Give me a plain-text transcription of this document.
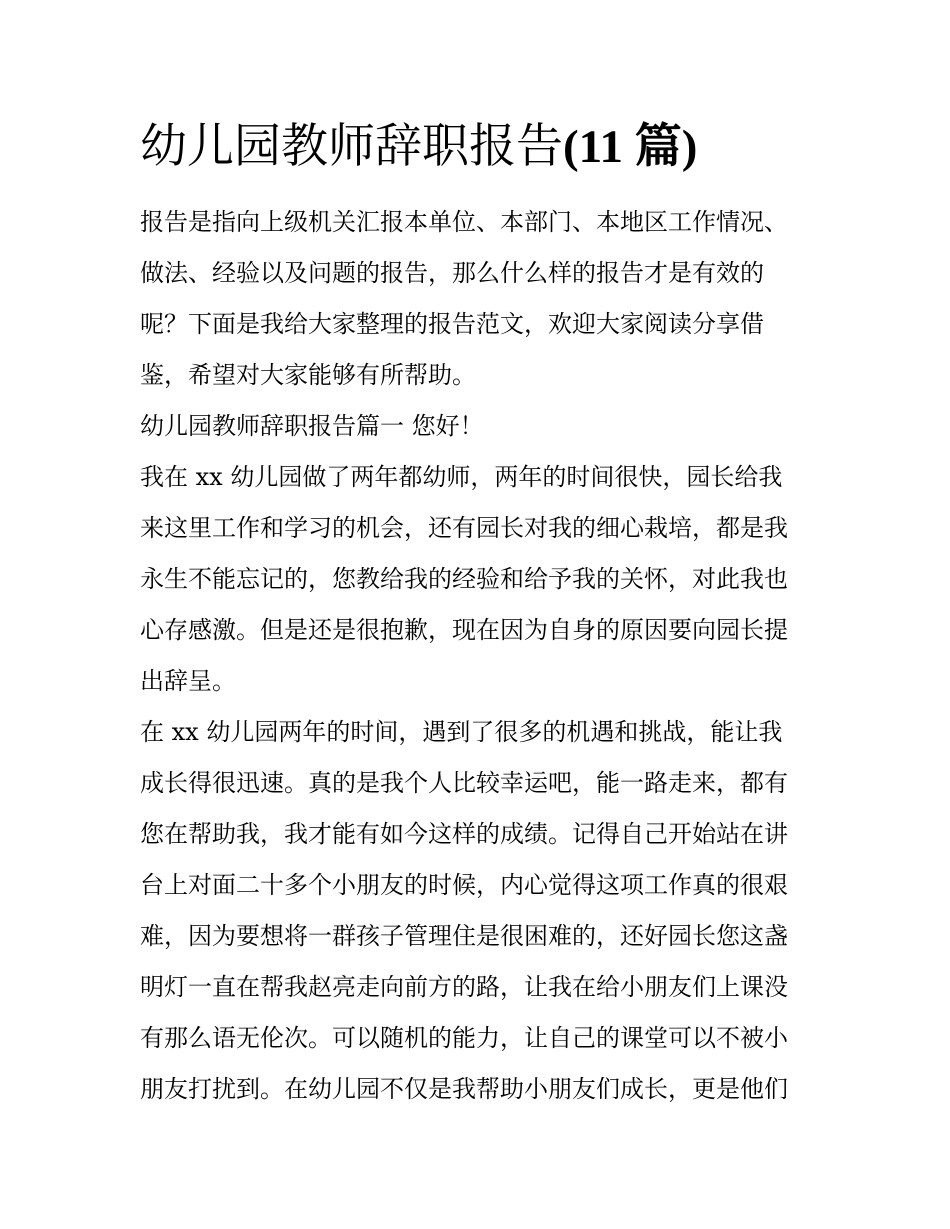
幼儿园教师辞职报告(11 篇)
报告是指向上级机关汇报本单位、本部门、本地区工作情况、
做法、经验以及问题的报告，那么什么样的报告才是有效的
呢？下面是我给大家整理的报告范文，欢迎大家阅读分享借
鉴，希望对大家能够有所帮助。
幼儿园教师辞职报告篇一 您好！
我在 xx 幼儿园做了两年都幼师，两年的时间很快，园长给我
来这里工作和学习的机会，还有园长对我的细心栽培，都是我
永生不能忘记的，您教给我的经验和给予我的关怀，对此我也
心存感激。但是还是很抱歉，现在因为自身的原因要向园长提
出辞呈。
在 xx 幼儿园两年的时间，遇到了很多的机遇和挑战，能让我
成长得很迅速。真的是我个人比较幸运吧，能一路走来，都有
您在帮助我，我才能有如今这样的成绩。记得自己开始站在讲
台上对面二十多个小朋友的时候，内心觉得这项工作真的很艰
难，因为要想将一群孩子管理住是很困难的，还好园长您这盏
明灯一直在帮我赵亮走向前方的路，让我在给小朋友们上课没
有那么语无伦次。可以随机的能力，让自己的课堂可以不被小
朋友打扰到。在幼儿园不仅是我帮助小朋友们成长，更是他们
